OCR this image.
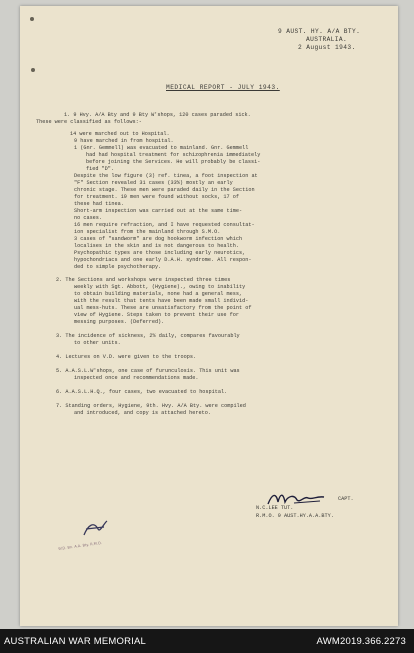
9 AUST. HY. A/A BTY.
AUSTRALIA.
2 August 1943.
MEDICAL REPORT - JULY 1943.
1. 9 Hvy. A/A Bty and 9 Bty W'shops, 120 cases paraded sick.
These were classified as follows:-
14 were marched out to Hospital.
9 have marched in from hospital.
1 (Gnr. Gemmell) was evacuated to mainland. Gnr. Gemmell
had had hospital treatment for schizophrenia immediately
before joining the Services. He will probably be classi-
fied "D".
Despite the low figure (3) ref. tinea, a foot inspection at
"F" Section revealed 31 cases (33%) mostly an early
chronic stage. These men were paraded daily in the Section
for treatment. 19 men were found without socks, 17 of
these had tinea.
Short-arm inspection was carried out at the same time-
no cases.
16 men require refraction, and I have requested consultat-
ion specialist from the mainland through S.M.O.
3 cases of "sandworm" are dog hookworm infection which
localises in the skin and is not dangerous to health.
Psychopathic types are those including early neurotics,
hypochondriacs and one early D.A.H. syndrome. All respon-
ded to simple psychotherapy.
2. The Sections and workshops were inspected three times
weekly with Sgt. Abbott, (Hygiene)., owing to inability
to obtain building materials, none had a general mess,
with the result that tents have been made small individ-
ual mess-huts. These are unsatisfactory from the point of
view of Hygiene. Steps taken to prevent their use for
messing purposes. (Deferred).
3. The incidence of sickness, 2% daily, compares favourably
to other units.
4. Lectures on V.D. were given to the troops.
5. A.A.S.L.W'shops, one case of furunculosis. This unit was
inspected once and recommendations made.
6. A.A.S.L.H.Q., four cases, two evacuated to hospital.
7. Standing orders, Hygiene, 9th. Hvy. A/A Bty. were compiled
and introduced, and copy is attached hereto.
CAPT.
N.C.LEE TUT.
R.M.O. 9 AUST.HY.A.A.BTY.
W.D. Bn. A.A. Bty. R.M.O.
AUSTRALIAN WAR MEMORIAL	AWM2019.366.2273
